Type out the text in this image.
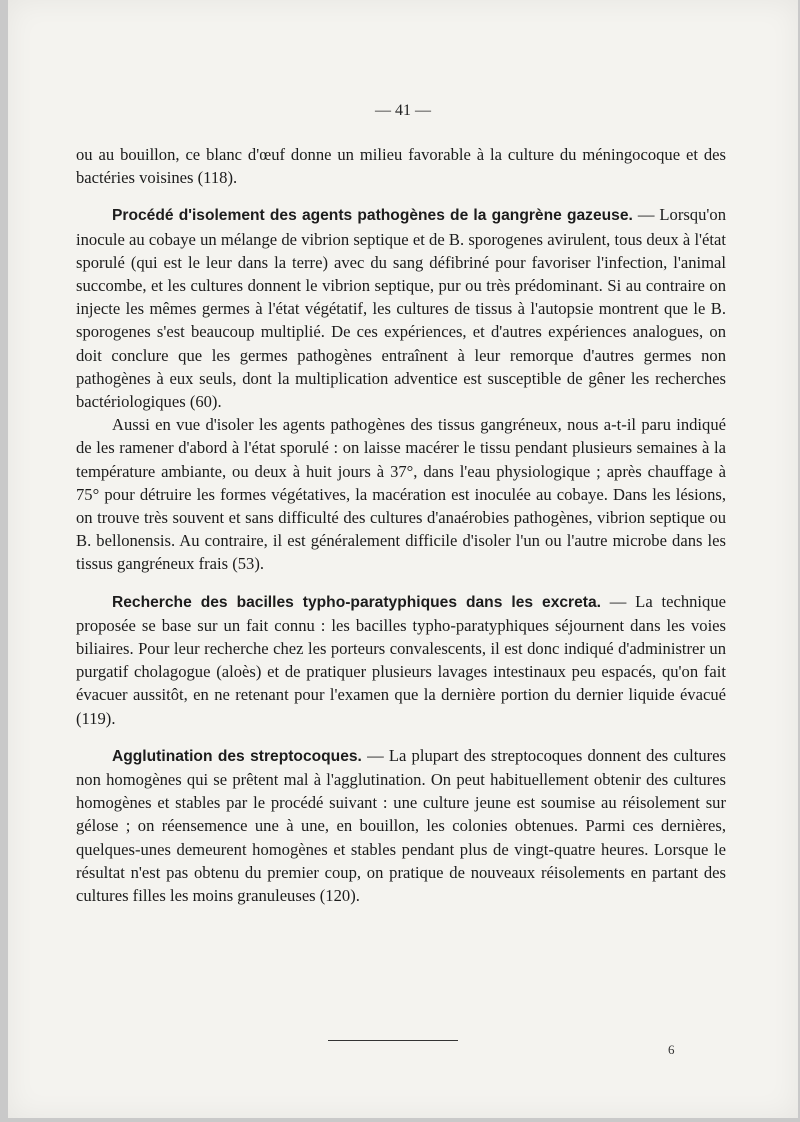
— 41 —

ou au bouillon, ce blanc d'œuf donne un milieu favorable à la culture du méningocoque et des bactéries voisines (118).

Procédé d'isolement des agents pathogènes de la gangrène gazeuse. — Lorsqu'on inocule au cobaye un mélange de vibrion septique et de B. sporogenes avirulent, tous deux à l'état sporulé (qui est le leur dans la terre) avec du sang défibriné pour favoriser l'infection, l'animal succombe, et les cultures donnent le vibrion septique, pur ou très prédominant. Si au contraire on injecte les mêmes germes à l'état végétatif, les cultures de tissus à l'autopsie montrent que le B. sporogenes s'est beaucoup multiplié. De ces expériences, et d'autres expériences analogues, on doit conclure que les germes pathogènes entraînent à leur remorque d'autres germes non pathogènes à eux seuls, dont la multiplication adventice est susceptible de gêner les recherches bactériologiques (60).

Aussi en vue d'isoler les agents pathogènes des tissus gangréneux, nous a-t-il paru indiqué de les ramener d'abord à l'état sporulé : on laisse macérer le tissu pendant plusieurs semaines à la température ambiante, ou deux à huit jours à 37°, dans l'eau physiologique ; après chauffage à 75° pour détruire les formes végétatives, la macération est inoculée au cobaye. Dans les lésions, on trouve très souvent et sans difficulté des cultures d'anaérobies pathogènes, vibrion septique ou B. bellonensis. Au contraire, il est généralement difficile d'isoler l'un ou l'autre microbe dans les tissus gangréneux frais (53).

Recherche des bacilles typho-paratyphiques dans les excreta. — La technique proposée se base sur un fait connu : les bacilles typho-paratyphiques séjournent dans les voies biliaires. Pour leur recherche chez les porteurs convalescents, il est donc indiqué d'administrer un purgatif cholagogue (aloès) et de pratiquer plusieurs lavages intestinaux peu espacés, qu'on fait évacuer aussitôt, en ne retenant pour l'examen que la dernière portion du dernier liquide évacué (119).

Agglutination des streptocoques. — La plupart des streptocoques donnent des cultures non homogènes qui se prêtent mal à l'agglutination. On peut habituellement obtenir des cultures homogènes et stables par le procédé suivant : une culture jeune est soumise au réisolement sur gélose ; on réensemence une à une, en bouillon, les colonies obtenues. Parmi ces dernières, quelques-unes demeurent homogènes et stables pendant plus de vingt-quatre heures. Lorsque le résultat n'est pas obtenu du premier coup, on pratique de nouveaux réisolements en partant des cultures filles les moins granuleuses (120).

6
